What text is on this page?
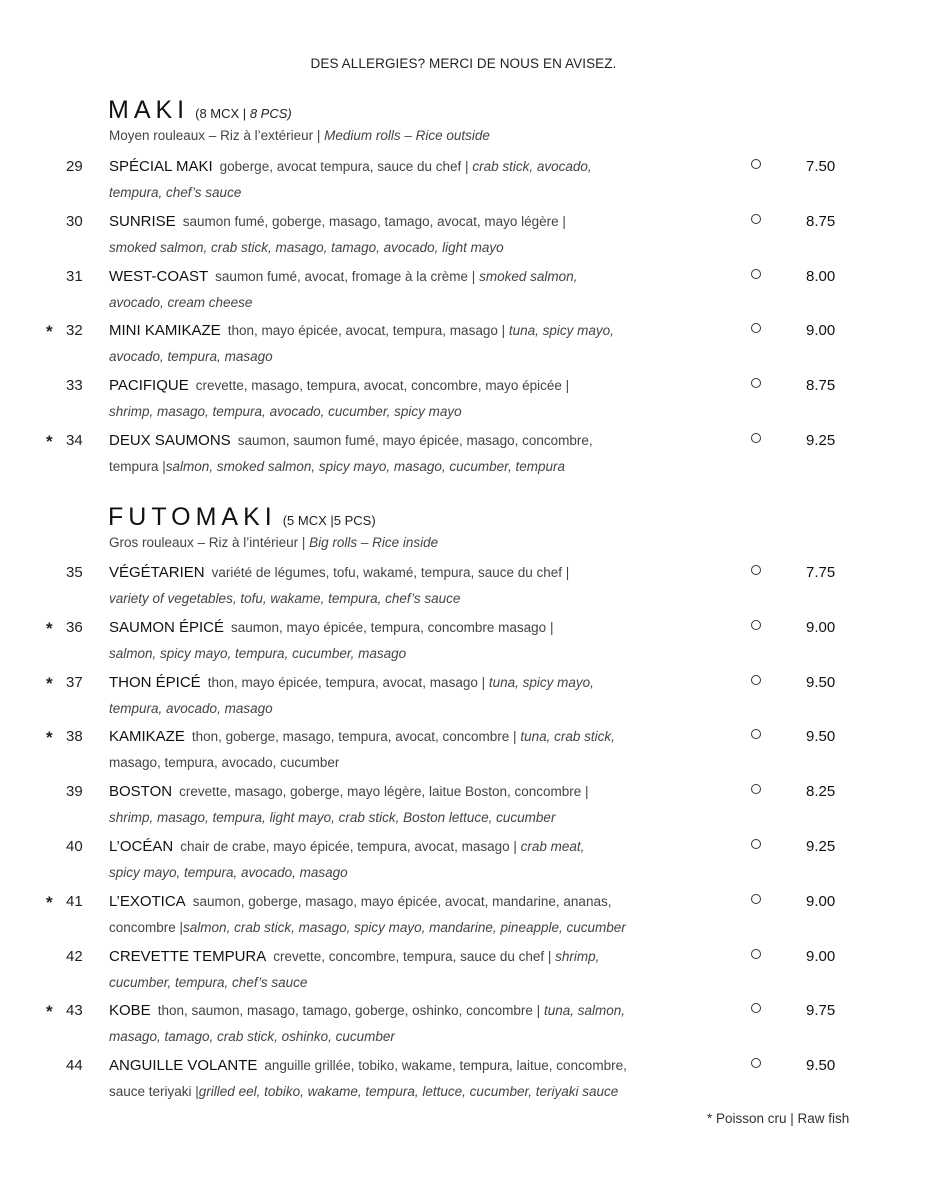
DES ALLERGIES? MERCI DE NOUS EN AVISEZ.
MAKI (8 MCX | 8 PCS)
Moyen rouleaux – Riz à l’extérieur | Medium rolls – Rice outside
29	SPÉCIAL MAKI goberge, avocat tempura, sauce du chef | crab stick, avocado,
tempura, chef’s sauce
7.50
30	SUNRISE saumon fumé, goberge, masago, tamago, avocat, mayo légère |
smoked salmon, crab stick, masago, tamago, avocado, light mayo
8.75
31	WEST-COAST saumon fumé, avocat, fromage à la crème | smoked salmon,
avocado, cream cheese
8.00
* 32	MINI KAMIKAZE thon, mayo épicée, avocat, tempura, masago | tuna, spicy mayo,
avocado, tempura, masago
9.00
33	PACIFIQUE crevette, masago, tempura, avocat, concombre, mayo épicée |
shrimp, masago, tempura, avocado, cucumber, spicy mayo
8.75
* 34	DEUX SAUMONS saumon, saumon fumé, mayo épicée, masago, concombre,
tempura |salmon, smoked salmon, spicy mayo, masago, cucumber, tempura
9.25
FUTOMAKI (5 MCX |5 PCS)
Gros rouleaux – Riz à l’intérieur | Big rolls – Rice inside
35	VÉGÉTARIEN variété de légumes, tofu, wakamé, tempura, sauce du chef |
variety of vegetables, tofu, wakame, tempura, chef’s sauce
7.75
* 36	SAUMON ÉPICÉ saumon, mayo épicée, tempura, concombre masago |
salmon, spicy mayo, tempura, cucumber, masago
9.00
* 37	THON ÉPICÉ thon, mayo épicée, tempura, avocat, masago | tuna, spicy mayo,
tempura, avocado, masago
9.50
* 38	KAMIKAZE thon, goberge, masago, tempura, avocat, concombre | tuna, crab stick,
masago, tempura, avocado, cucumber
9.50
39	BOSTON crevette, masago, goberge, mayo légère, laitue Boston, concombre |
shrimp, masago, tempura, light mayo, crab stick, Boston lettuce, cucumber
8.25
40	L’OCÉAN chair de crabe, mayo épicée, tempura, avocat, masago | crab meat,
spicy mayo, tempura, avocado, masago
9.25
* 41	L’EXOTICA saumon, goberge, masago, mayo épicée, avocat, mandarine, ananas,
concombre |salmon, crab stick, masago, spicy mayo, mandarine, pineapple, cucumber
9.00
42	CREVETTE TEMPURA crevette, concombre, tempura, sauce du chef | shrimp,
cucumber, tempura, chef’s sauce
9.00
* 43	KOBE thon, saumon, masago, tamago, goberge, oshinko, concombre | tuna, salmon,
masago, tamago, crab stick, oshinko, cucumber
9.75
44	ANGUILLE VOLANTE anguille grillée, tobiko, wakame, tempura, laitue, concombre,
sauce teriyaki |grilled eel, tobiko, wakame, tempura, lettuce, cucumber, teriyaki sauce
9.50
* Poisson cru | Raw fish
